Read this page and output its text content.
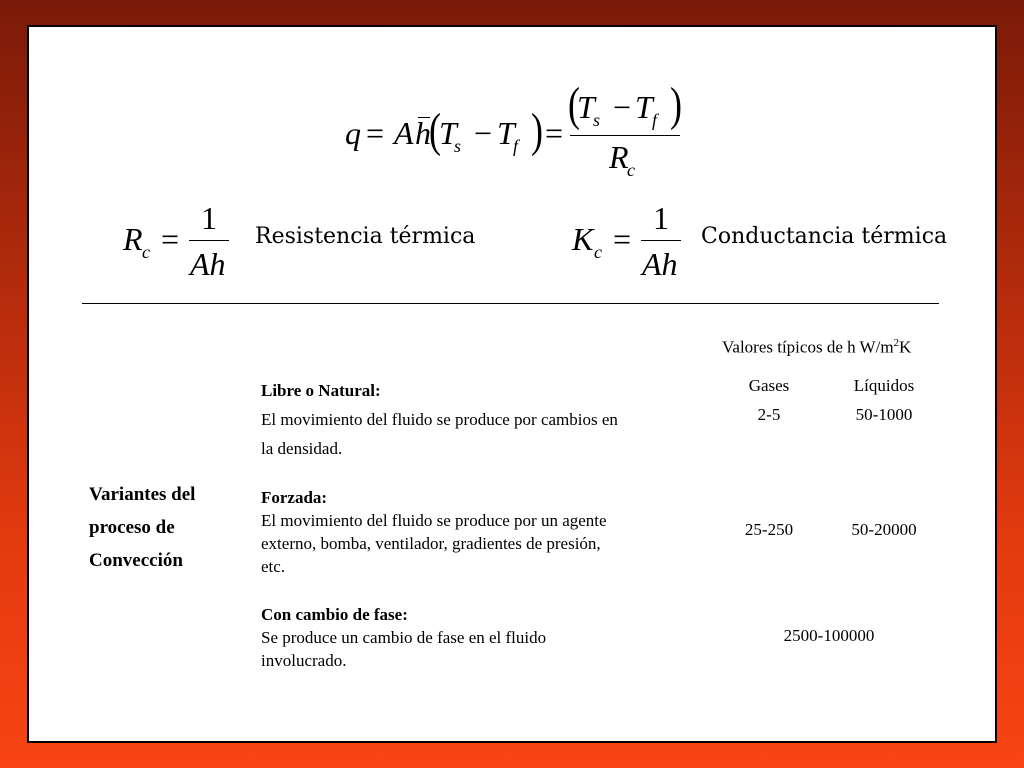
q = A h
(
T
s − T
f ) =
(
T
s − T f )
R
c
R c =
1
Ah
Resistencia térmica	K c =
1
Ah
Conductancia térmica
Valores típicos de h $W/m^2K$
Variantes del
proceso de
Convección
Gases	Líquidos
Libre o Natural:
El movimiento del fluido se produce por cambios en
la densidad.
2-5	50-1000
Forzada:
El movimiento del fluido se produce por un agente
externo, bomba, ventilador, gradientes de presión,
etc.
25-250	50-20000
Con cambio de fase:
Se produce un cambio de fase en el fluido
involucrado.
2500-100000
